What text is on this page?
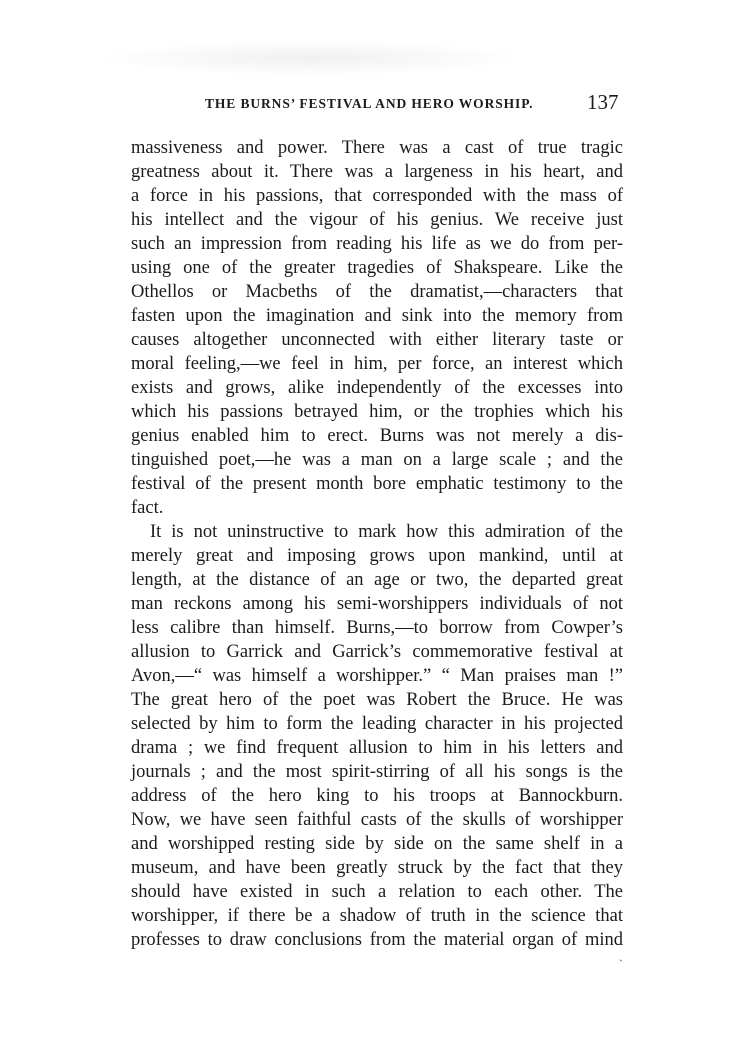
THE BURNS’ FESTIVAL AND HERO WORSHIP.	137
massiveness and power. There was a cast of true tragic
greatness about it. There was a largeness in his heart, and
a force in his passions, that corresponded with the mass of
his intellect and the vigour of his genius. We receive just
such an impression from reading his life as we do from per-
using one of the greater tragedies of Shakspeare. Like the
Othellos or Macbeths of the dramatist,—characters that
fasten upon the imagination and sink into the memory from
causes altogether unconnected with either literary taste or
moral feeling,—we feel in him, per force, an interest which
exists and grows, alike independently of the excesses into
which his passions betrayed him, or the trophies which his
genius enabled him to erect. Burns was not merely a dis-
tinguished poet,—he was a man on a large scale ; and the
festival of the present month bore emphatic testimony to the
fact.
It is not uninstructive to mark how this admiration of the
merely great and imposing grows upon mankind, until at
length, at the distance of an age or two, the departed great
man reckons among his semi-worshippers individuals of not
less calibre than himself. Burns,—to borrow from Cowper’s
allusion to Garrick and Garrick’s commemorative festival at
Avon,—“ was himself a worshipper.” “ Man praises man !”
The great hero of the poet was Robert the Bruce. He was
selected by him to form the leading character in his projected
drama ; we find frequent allusion to him in his letters and
journals ; and the most spirit-stirring of all his songs is the
address of the hero king to his troops at Bannockburn.
Now, we have seen faithful casts of the skulls of worshipper
and worshipped resting side by side on the same shelf in a
museum, and have been greatly struck by the fact that they
should have existed in such a relation to each other. The
worshipper, if there be a shadow of truth in the science that
professes to draw conclusions from the material organ of mind
ˎ
